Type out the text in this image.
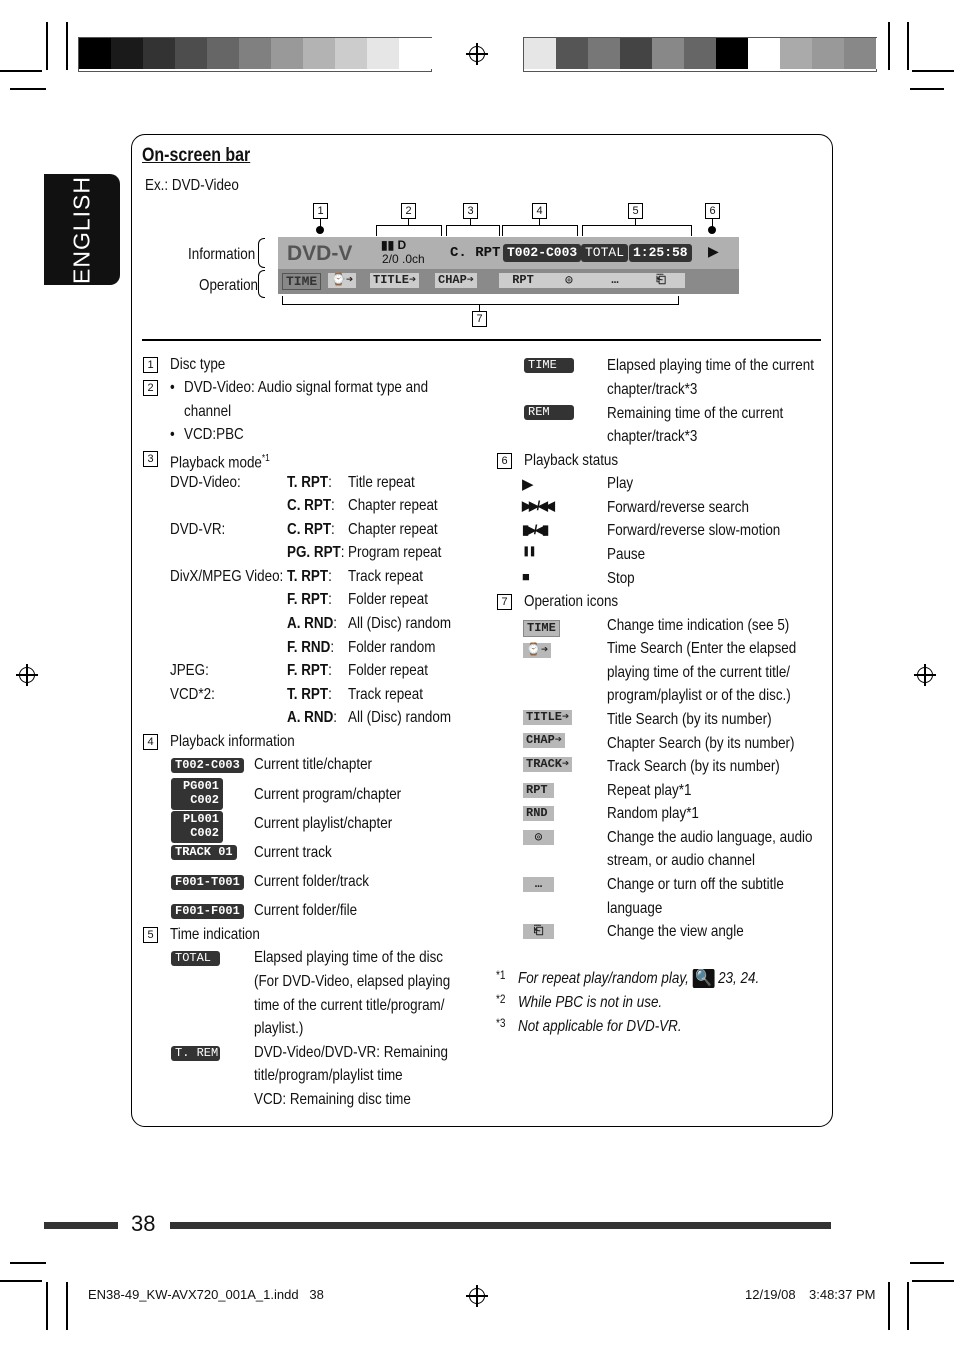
ENGLISH
On-screen bar
Ex.: DVD-Video
1	2	3	4	5	6
7
Information
Operation
DVD-V ▮▮ D
2/0 .0ch C. RPT T002-C003 TOTAL 1:25:58 ▶
TIME	⌚➔ TITLE➔ CHAP➔	RPT	◎	…	⎗
1 Disc type
2 • DVD-Video: Audio signal format type and
channel
• VCD:PBC
3 Playback mode$^{*1}$
DVD-Video:	T. RPT: Title repeat
C. RPT: Chapter repeat
DVD-VR:	C. RPT: Chapter repeat
PG. RPT: Program repeat
DivX/MPEG Video: T. RPT: Track repeat
F. RPT: Folder repeat
A. RND: All (Disc) random
F. RND: Folder random
JPEG:	F. RPT: Folder repeat
VCD*2:	T. RPT: Track repeat
A. RND: All (Disc) random
4 Playback information
T002-C003 Current title/chapter
PG001
C002 Current program/chapter
PL001
C002
Current playlist/chapter
TRACK 01 Current track
F001-T001 Current folder/track
F001-F001 Current folder/file
5 Time indication
TOTAL	Elapsed playing time of the disc
(For DVD-Video, elapsed playing
time of the current title/program/
playlist.)
T. REM DVD-Video/DVD-VR: Remaining
title/program/playlist time
VCD: Remaining disc time
TIME	Elapsed playing time of the current
chapter/track*3
REM	Remaining time of the current
chapter/track*3
6 Playback status
▶	Play
▶▶ / ◀◀	Forward/reverse search
▮▶ / ◀▮	Forward/reverse slow-motion
❚❚	Pause
■	Stop
7 Operation icons
TIME	Change time indication (see 5)
⌚➔	Time Search (Enter the elapsed
playing time of the current title/
program/playlist or of the disc.)
TITLE➔ Title Search (by its number)
CHAP➔	Chapter Search (by its number)
TRACK➔ Track Search (by its number)
RPT	Repeat play*1
RND	Random play*1
◎	Change the audio language, audio
stream, or audio channel
…	Change or turn off the subtitle
language
⎗	Change the view angle
*1 For repeat play/random play, 🔍 23, 24.
*2 While PBC is not in use.
*3 Not applicable for DVD-VR.
38
EN38-49_KW-AVX720_001A_1.indd   38	12/19/08 3:48:37 PM
